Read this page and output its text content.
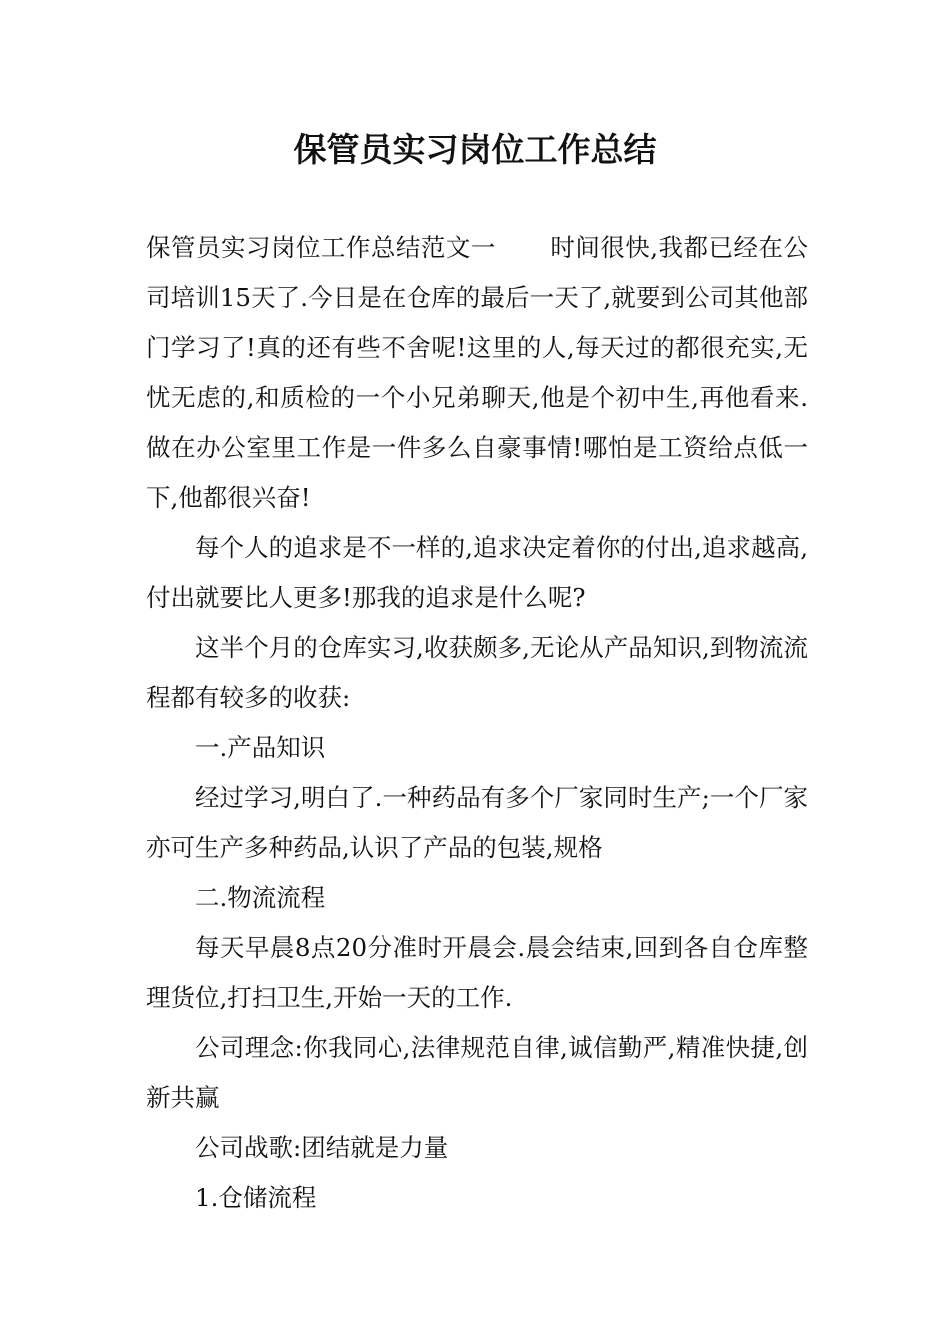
保管员实习岗位工作总结

保管员实习岗位工作总结范文一 时间很快,我都已经在公司培训15天了.今日是在仓库的最后一天了,就要到公司其他部门学习了!真的还有些不舍呢!这里的人,每天过的都很充实,无忧无虑的,和质检的一个小兄弟聊天,他是个初中生,再他看来.做在办公室里工作是一件多么自豪事情!哪怕是工资给点低一下,他都很兴奋!

每个人的追求是不一样的,追求决定着你的付出,追求越高,付出就要比人更多!那我的追求是什么呢?

这半个月的仓库实习,收获颇多,无论从产品知识,到物流流程都有较多的收获:

一.产品知识

经过学习,明白了.一种药品有多个厂家同时生产;一个厂家亦可生产多种药品,认识了产品的包装,规格

二.物流流程

每天早晨8点20分准时开晨会.晨会结束,回到各自仓库整理货位,打扫卫生,开始一天的工作.

公司理念:你我同心,法律规范自律,诚信勤严,精准快捷,创新共赢

公司战歌:团结就是力量

1.仓储流程
